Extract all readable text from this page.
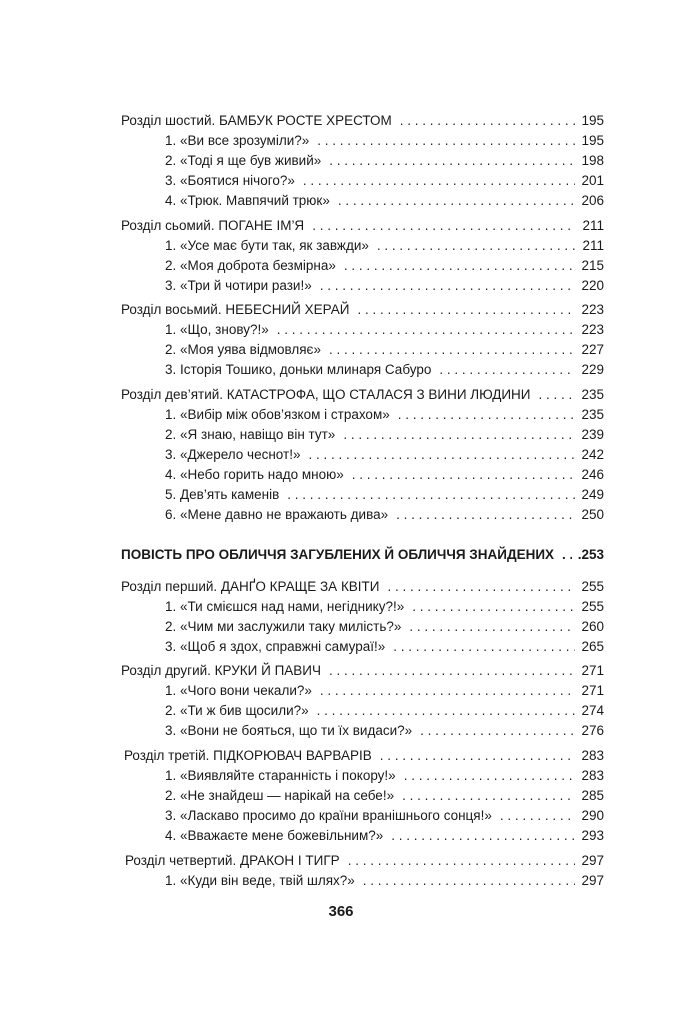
Розділ шостий. БАМБУК РОСТЕ ХРЕСТОМ . . .	195
1. «Ви все зрозуміли?» . . .	195
2. «Тоді я ще був живий» . . .	198
3. «Боятися нічого?» . . .	201
4. «Трюк. Мавпячий трюк» . . .	206
Розділ сьомий. ПОГАНЕ ІМ’Я . . .	211
1. «Усе має бути так, як завжди» . . .	211
2. «Моя доброта безмірна» . . .	215
3. «Три й чотири рази!» . . .	220
Розділ восьмий. НЕБЕСНИЙ ХЕРАЙ . . .	223
1. «Що, знову?!» . . .	223
2. «Моя уява відмовляє» . . .	227
3. Історія Тошико, доньки млинаря Сабуро . . .	229
Розділ дев’ятий. КАТАСТРОФА, ЩО СТАЛАСЯ З ВИНИ ЛЮДИНИ . . .	235
1. «Вибір між обов’язком і страхом» . . .	235
2. «Я знаю, навіщо він тут» . . .	239
3. «Джерело чеснот!» . . .	242
4. «Небо горить надо мною» . . .	246
5. Дев’ять каменів . . .	249
6. «Мене давно не вражають дива» . . .	250
ПОВІСТЬ ПРО ОБЛИЧЧЯ ЗАГУБЛЕНИХ Й ОБЛИЧЧЯ ЗНАЙДЕНИХ . . . .253
Розділ перший. ДАНҐО КРАЩЕ ЗА КВІТИ . . .	255
1. «Ти смієшся над нами, негіднику?!» . . .	255
2. «Чим ми заслужили таку милість?» . . .	260
3. «Щоб я здох, справжні самураї!» . . .	265
Розділ другий. КРУКИ Й ПАВИЧ . . .	271
1. «Чого вони чекали?» . . .	271
2. «Ти ж бив щосили?» . . .	274
3. «Вони не бояться, що ти їх видаси?» . . .	276
Розділ третій. ПІДКОРЮВАЧ ВАРВАРІВ . . .	283
1. «Виявляйте старанність і покору!» . . .	283
2. «Не знайдеш — нарікай на себе!» . . .	285
3. «Ласкаво просимо до країни вранішнього сонця!» . . .	290
4. «Вважаєте мене божевільним?» . . .	293
Розділ четвертий. ДРАКОН І ТИГР . . .	297
1. «Куди він веде, твій шлях?» . . .	297
366
